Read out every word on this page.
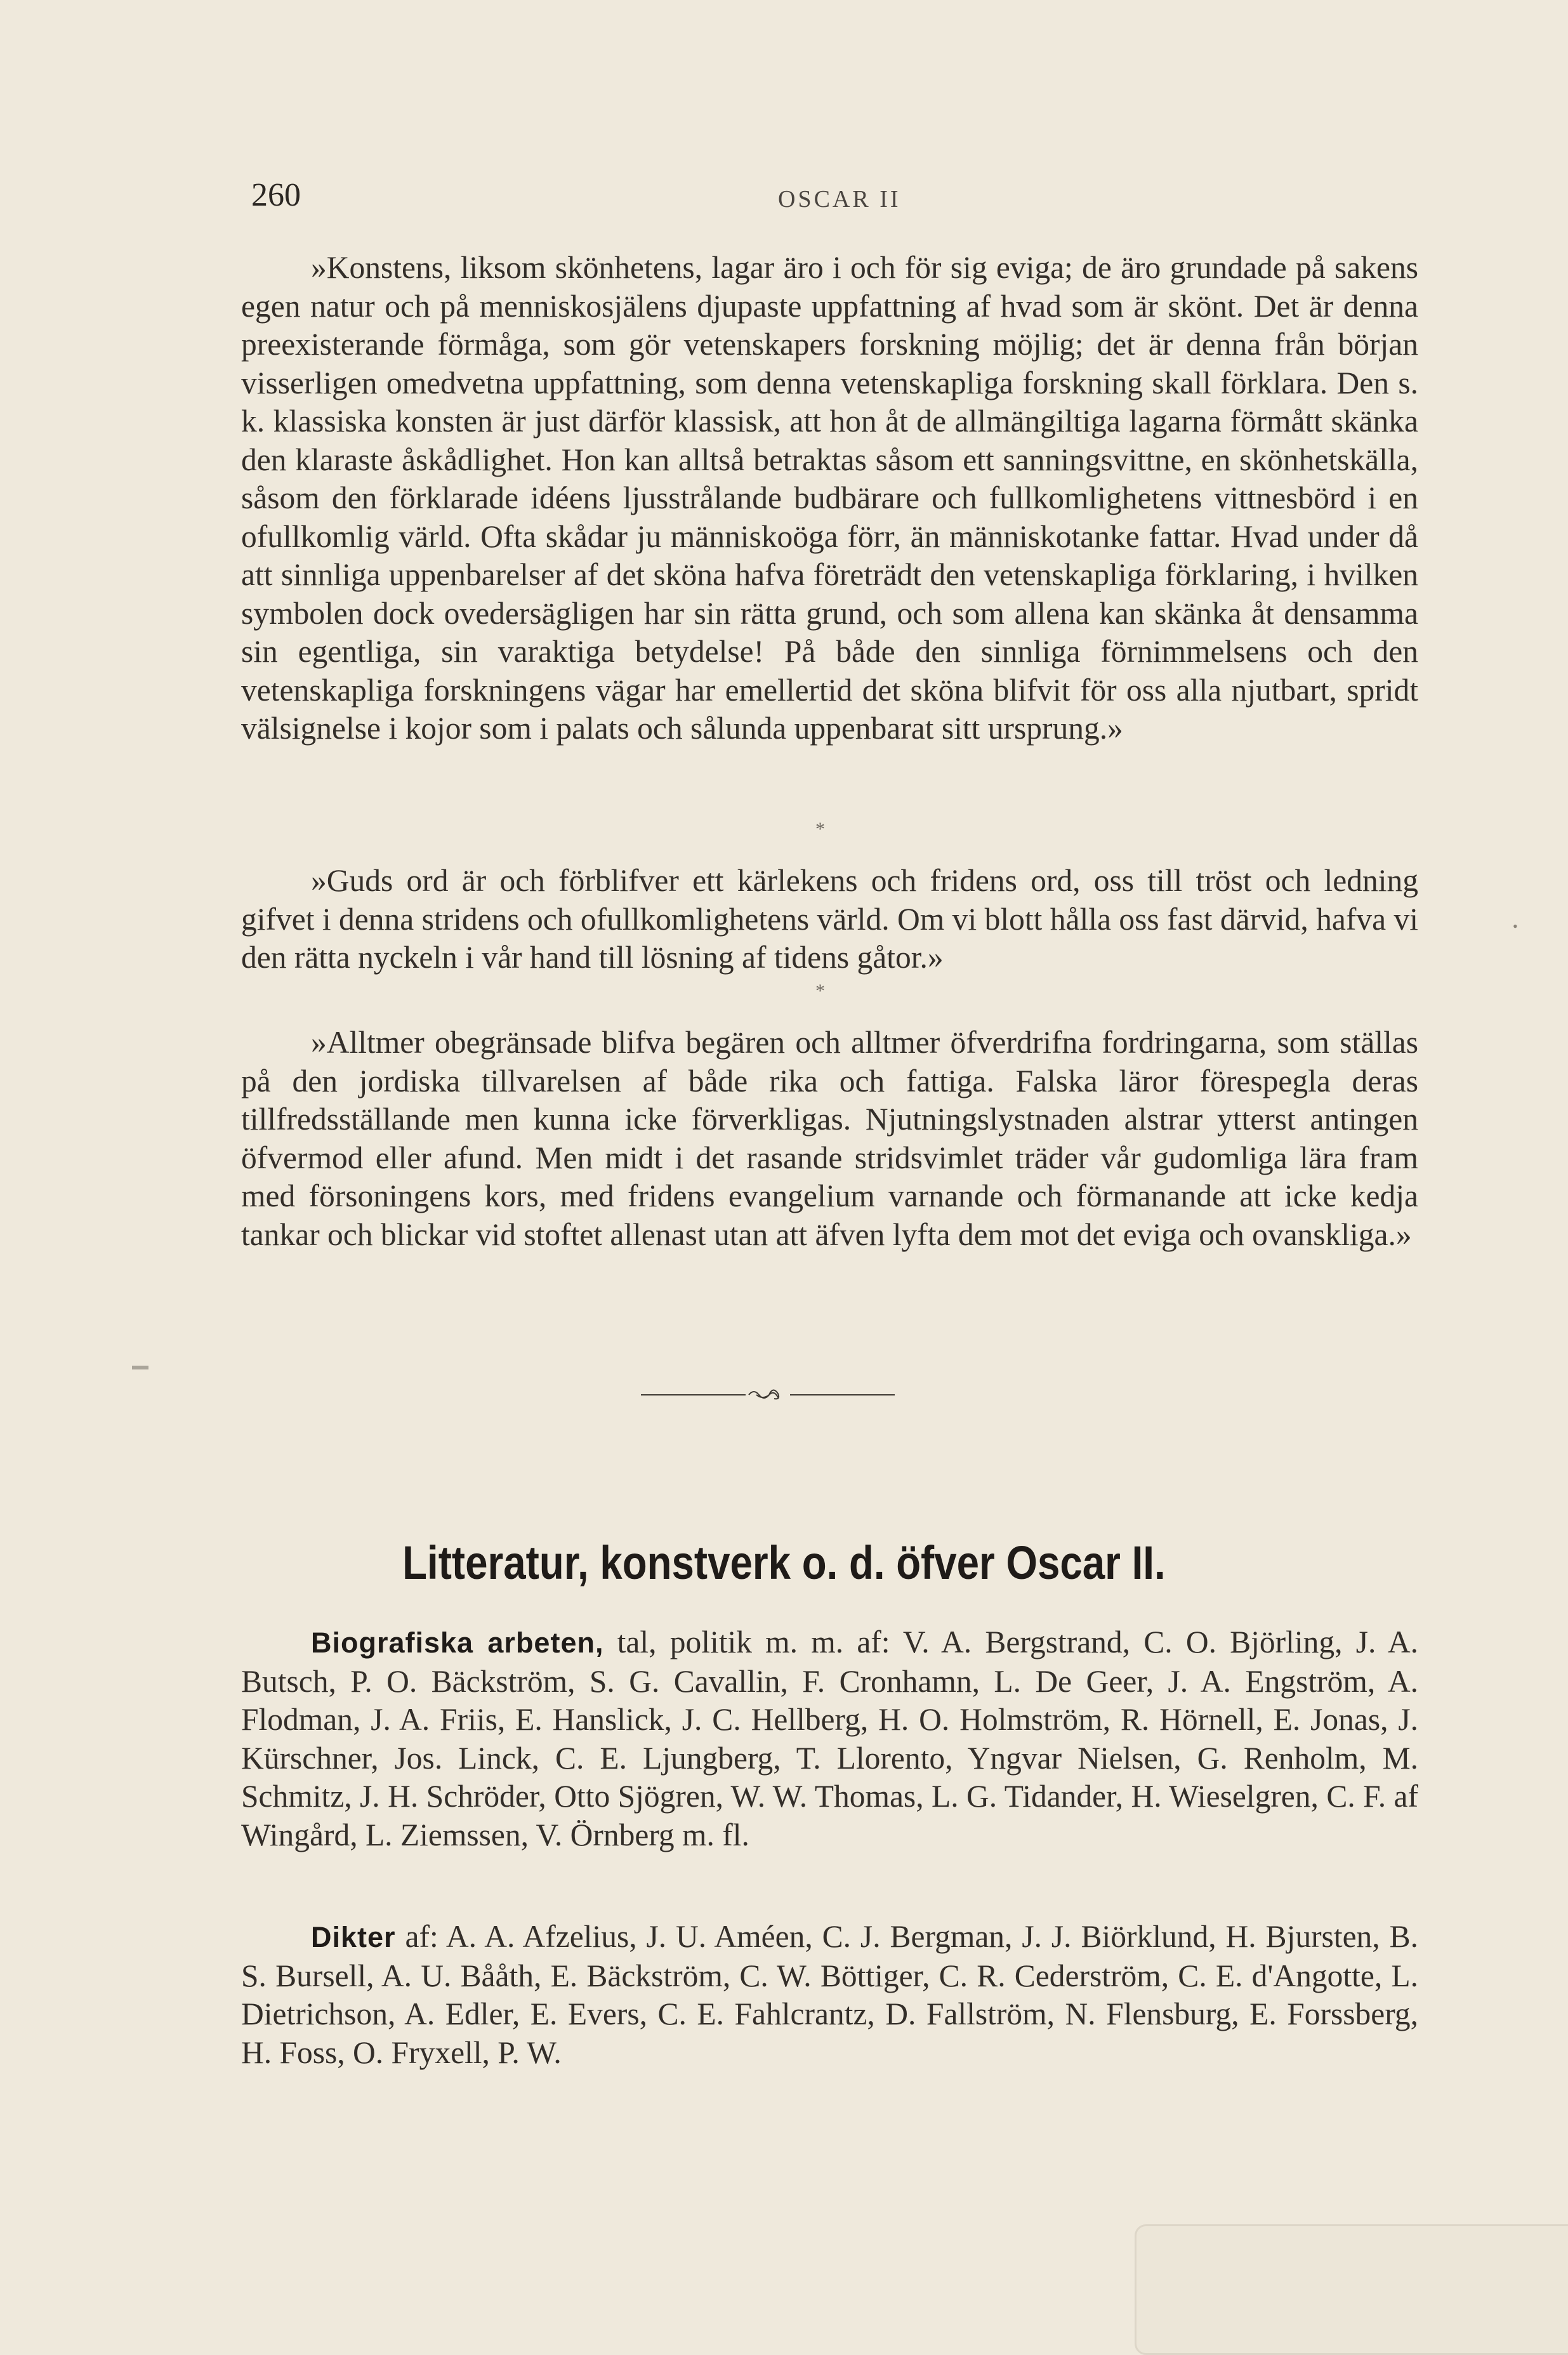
260	OSCAR II

»Konstens, liksom skönhetens, lagar äro i och för sig eviga; de äro grundade på sakens egen natur och på menniskosjälens djupaste uppfattning af hvad som är skönt. Det är denna preexisterande förmåga, som gör vetenskapers forskning möjlig; det är denna från början visserligen omedvetna uppfattning, som denna vetenskapliga forskning skall förklara. Den s. k. klassiska konsten är just därför klassisk, att hon åt de allmängiltiga lagarna förmått skänka den klaraste åskådlighet. Hon kan alltså betraktas såsom ett sanningsvittne, en skönhetskälla, såsom den förklarade idéens ljusstrålande budbärare och fullkomlighetens vittnesbörd i en ofullkomlig värld. Ofta skådar ju människoöga förr, än människotanke fattar. Hvad under då att sinnliga uppenbarelser af det sköna hafva företrädt den vetenskapliga förklaring, i hvilken symbolen dock ovedersägligen har sin rätta grund, och som allena kan skänka åt densamma sin egentliga, sin varaktiga betydelse! På både den sinnliga förnimmelsens och den vetenskapliga forskningens vägar har emellertid det sköna blifvit för oss alla njutbart, spridt välsignelse i kojor som i palats och sålunda uppenbarat sitt ursprung.»

*

»Guds ord är och förblifver ett kärlekens och fridens ord, oss till tröst och ledning gifvet i denna stridens och ofullkomlighetens värld. Om vi blott hålla oss fast därvid, hafva vi den rätta nyckeln i vår hand till lösning af tidens gåtor.»

*

»Alltmer obegränsade blifva begären och alltmer öfverdrifna fordringarna, som ställas på den jordiska tillvarelsen af både rika och fattiga. Falska läror förespegla deras tillfredsställande men kunna icke förverkligas. Njutningslystnaden alstrar ytterst antingen öfvermod eller afund. Men midt i det rasande stridsvimlet träder vår gudomliga lära fram med försoningens kors, med fridens evangelium varnande och förmanande att icke kedja tankar och blickar vid stoftet allenast utan att äfven lyfta dem mot det eviga och ovanskliga.»

Litteratur, konstverk o. d. öfver Oscar II.

Biografiska arbeten, tal, politik m. m. af: V. A. Bergstrand, C. O. Björling, J. A. Butsch, P. O. Bäckström, S. G. Cavallin, F. Cronhamn, L. De Geer, J. A. Engström, A. Flodman, J. A. Friis, E. Hanslick, J. C. Hellberg, H. O. Holmström, R. Hörnell, E. Jonas, J. Kürschner, Jos. Linck, C. E. Ljungberg, T. Llorento, Yngvar Nielsen, G. Renholm, M. Schmitz, J. H. Schröder, Otto Sjögren, W. W. Thomas, L. G. Tidander, H. Wieselgren, C. F. af Wingård, L. Ziemssen, V. Örnberg m. fl.

Dikter af: A. A. Afzelius, J. U. Améen, C. J. Bergman, J. J. Biörklund, H. Bjursten, B. S. Bursell, A. U. Bååth, E. Bäckström, C. W. Böttiger, C. R. Cederström, C. E. d'Angotte, L. Dietrichson, A. Edler, E. Evers, C. E. Fahlcrantz, D. Fallström, N. Flensburg, E. Forssberg, H. Foss, O. Fryxell, P. W.

•
